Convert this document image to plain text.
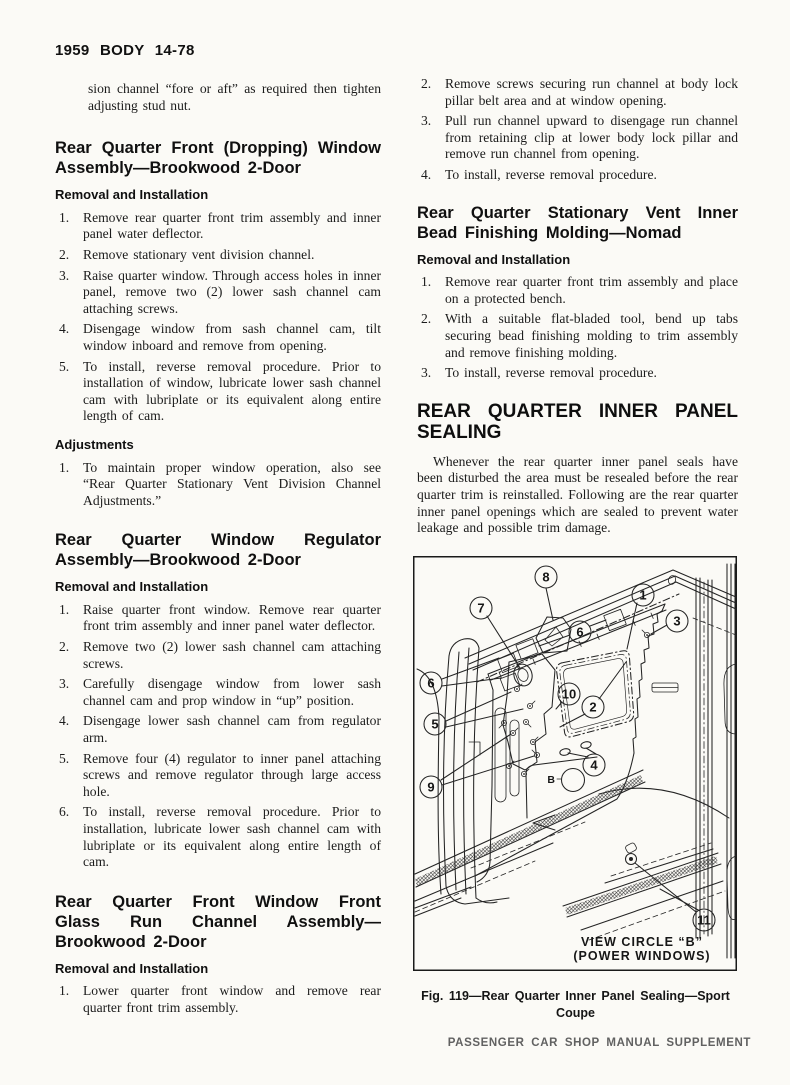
1959 BODY 14-78
sion channel “fore or aft” as required then tighten adjusting stud nut.
Rear Quarter Front (Dropping) Window Assembly—Brookwood 2-Door
Removal and Installation
1.	Remove rear quarter front trim assembly and inner panel water deflector.
2.	Remove stationary vent division channel.
3.	Raise quarter window. Through access holes in inner panel, remove two (2) lower sash channel cam attaching screws.
4.	Disengage window from sash channel cam, tilt window inboard and remove from opening.
5.	To install, reverse removal procedure. Prior to installation of window, lubricate lower sash channel cam with lubriplate or its equivalent along entire length of cam.
Adjustments
1.	To maintain proper window operation, also see “Rear Quarter Stationary Vent Division Channel Adjustments.”
Rear Quarter Window Regulator Assembly—Brookwood 2-Door
Removal and Installation
1.	Raise quarter front window. Remove rear quarter front trim assembly and inner panel water deflector.
2.	Remove two (2) lower sash channel cam attaching screws.
3.	Carefully disengage window from lower sash channel cam and prop window in “up” position.
4.	Disengage lower sash channel cam from regulator arm.
5.	Remove four (4) regulator to inner panel attaching screws and remove regulator through large access hole.
6.	To install, reverse removal procedure. Prior to installation, lubricate lower sash channel cam with lubriplate or its equivalent along entire length of cam.
Rear Quarter Front Window Front Glass Run Channel Assembly—Brookwood 2-Door
Removal and Installation
1.	Lower quarter front window and remove rear quarter front trim assembly.
2.	Remove screws securing run channel at body lock pillar belt area and at window opening.
3.	Pull run channel upward to disengage run channel from retaining clip at lower body lock pillar and remove run channel from opening.
4.	To install, reverse removal procedure.
Rear Quarter Stationary Vent Inner Bead Finishing Molding—Nomad
Removal and Installation
1.	Remove rear quarter front trim assembly and place on a protected bench.
2.	With a suitable flat-bladed tool, bend up tabs securing bead finishing molding to trim assembly and remove finishing molding.
3.	To install, reverse removal procedure.
REAR QUARTER INNER PANEL SEALING
Whenever the rear quarter inner panel seals have been disturbed the area must be resealed before the rear quarter trim is reinstalled. Following are the rear quarter inner panel openings which are sealed to prevent water leakage and possible trim damage.
B
8
7
1
3
6
6
10
2
5
9
4
11
VIEW CIRCLE “B”
(POWER WINDOWS)
Fig. 119—Rear Quarter Inner Panel Sealing—Sport Coupe
PASSENGER CAR SHOP MANUAL SUPPLEMENT
